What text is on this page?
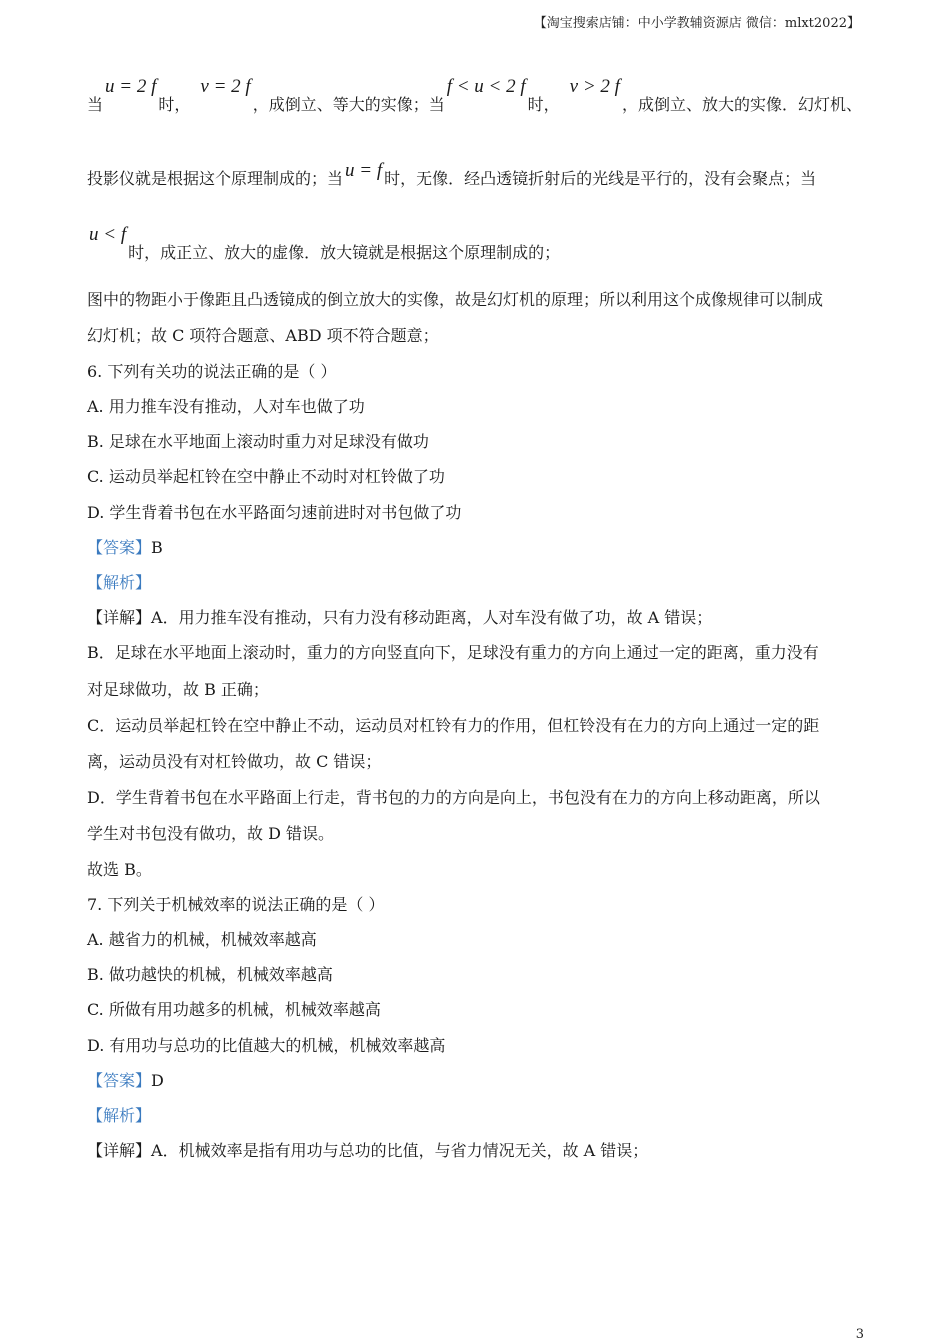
【淘宝搜索店铺：中小学教辅资源店 微信：mlxt2022】
当u = 2 f时，v = 2 f，成倒立、等大的实像；当f < u < 2 f时，v > 2 f，成倒立、放大的实像．幻灯机、
投影仪就是根据这个原理制成的；当 u = f 时，无像．经凸透镜折射后的光线是平行的，没有会聚点；当
u < f时，成正立、放大的虚像．放大镜就是根据这个原理制成的；
图中的物距小于像距且凸透镜成的倒立放大的实像，故是幻灯机的原理；所以利用这个成像规律可以制成
幻灯机；故 C 项符合题意、ABD 项不符合题意；
6. 下列有关功的说法正确的是（ ）
A. 用力推车没有推动，人对车也做了功
B. 足球在水平地面上滚动时重力对足球没有做功
C. 运动员举起杠铃在空中静止不动时对杠铃做了功
D. 学生背着书包在水平路面匀速前进时对书包做了功
【答案】B
【解析】
【详解】A．用力推车没有推动，只有力没有移动距离，人对车没有做了功，故 A 错误；
B．足球在水平地面上滚动时，重力的方向竖直向下，足球没有重力的方向上通过一定的距离，重力没有
对足球做功，故 B 正确；
C．运动员举起杠铃在空中静止不动，运动员对杠铃有力的作用，但杠铃没有在力的方向上通过一定的距
离，运动员没有对杠铃做功，故 C 错误；
D．学生背着书包在水平路面上行走，背书包的力的方向是向上，书包没有在力的方向上移动距离，所以
学生对书包没有做功，故 D 错误。
故选 B。
7. 下列关于机械效率的说法正确的是（ ）
A. 越省力的机械，机械效率越高
B. 做功越快的机械，机械效率越高
C. 所做有用功越多的机械，机械效率越高
D. 有用功与总功的比值越大的机械，机械效率越高
【答案】D
【解析】
【详解】A．机械效率是指有用功与总功的比值，与省力情况无关，故 A 错误；
3
